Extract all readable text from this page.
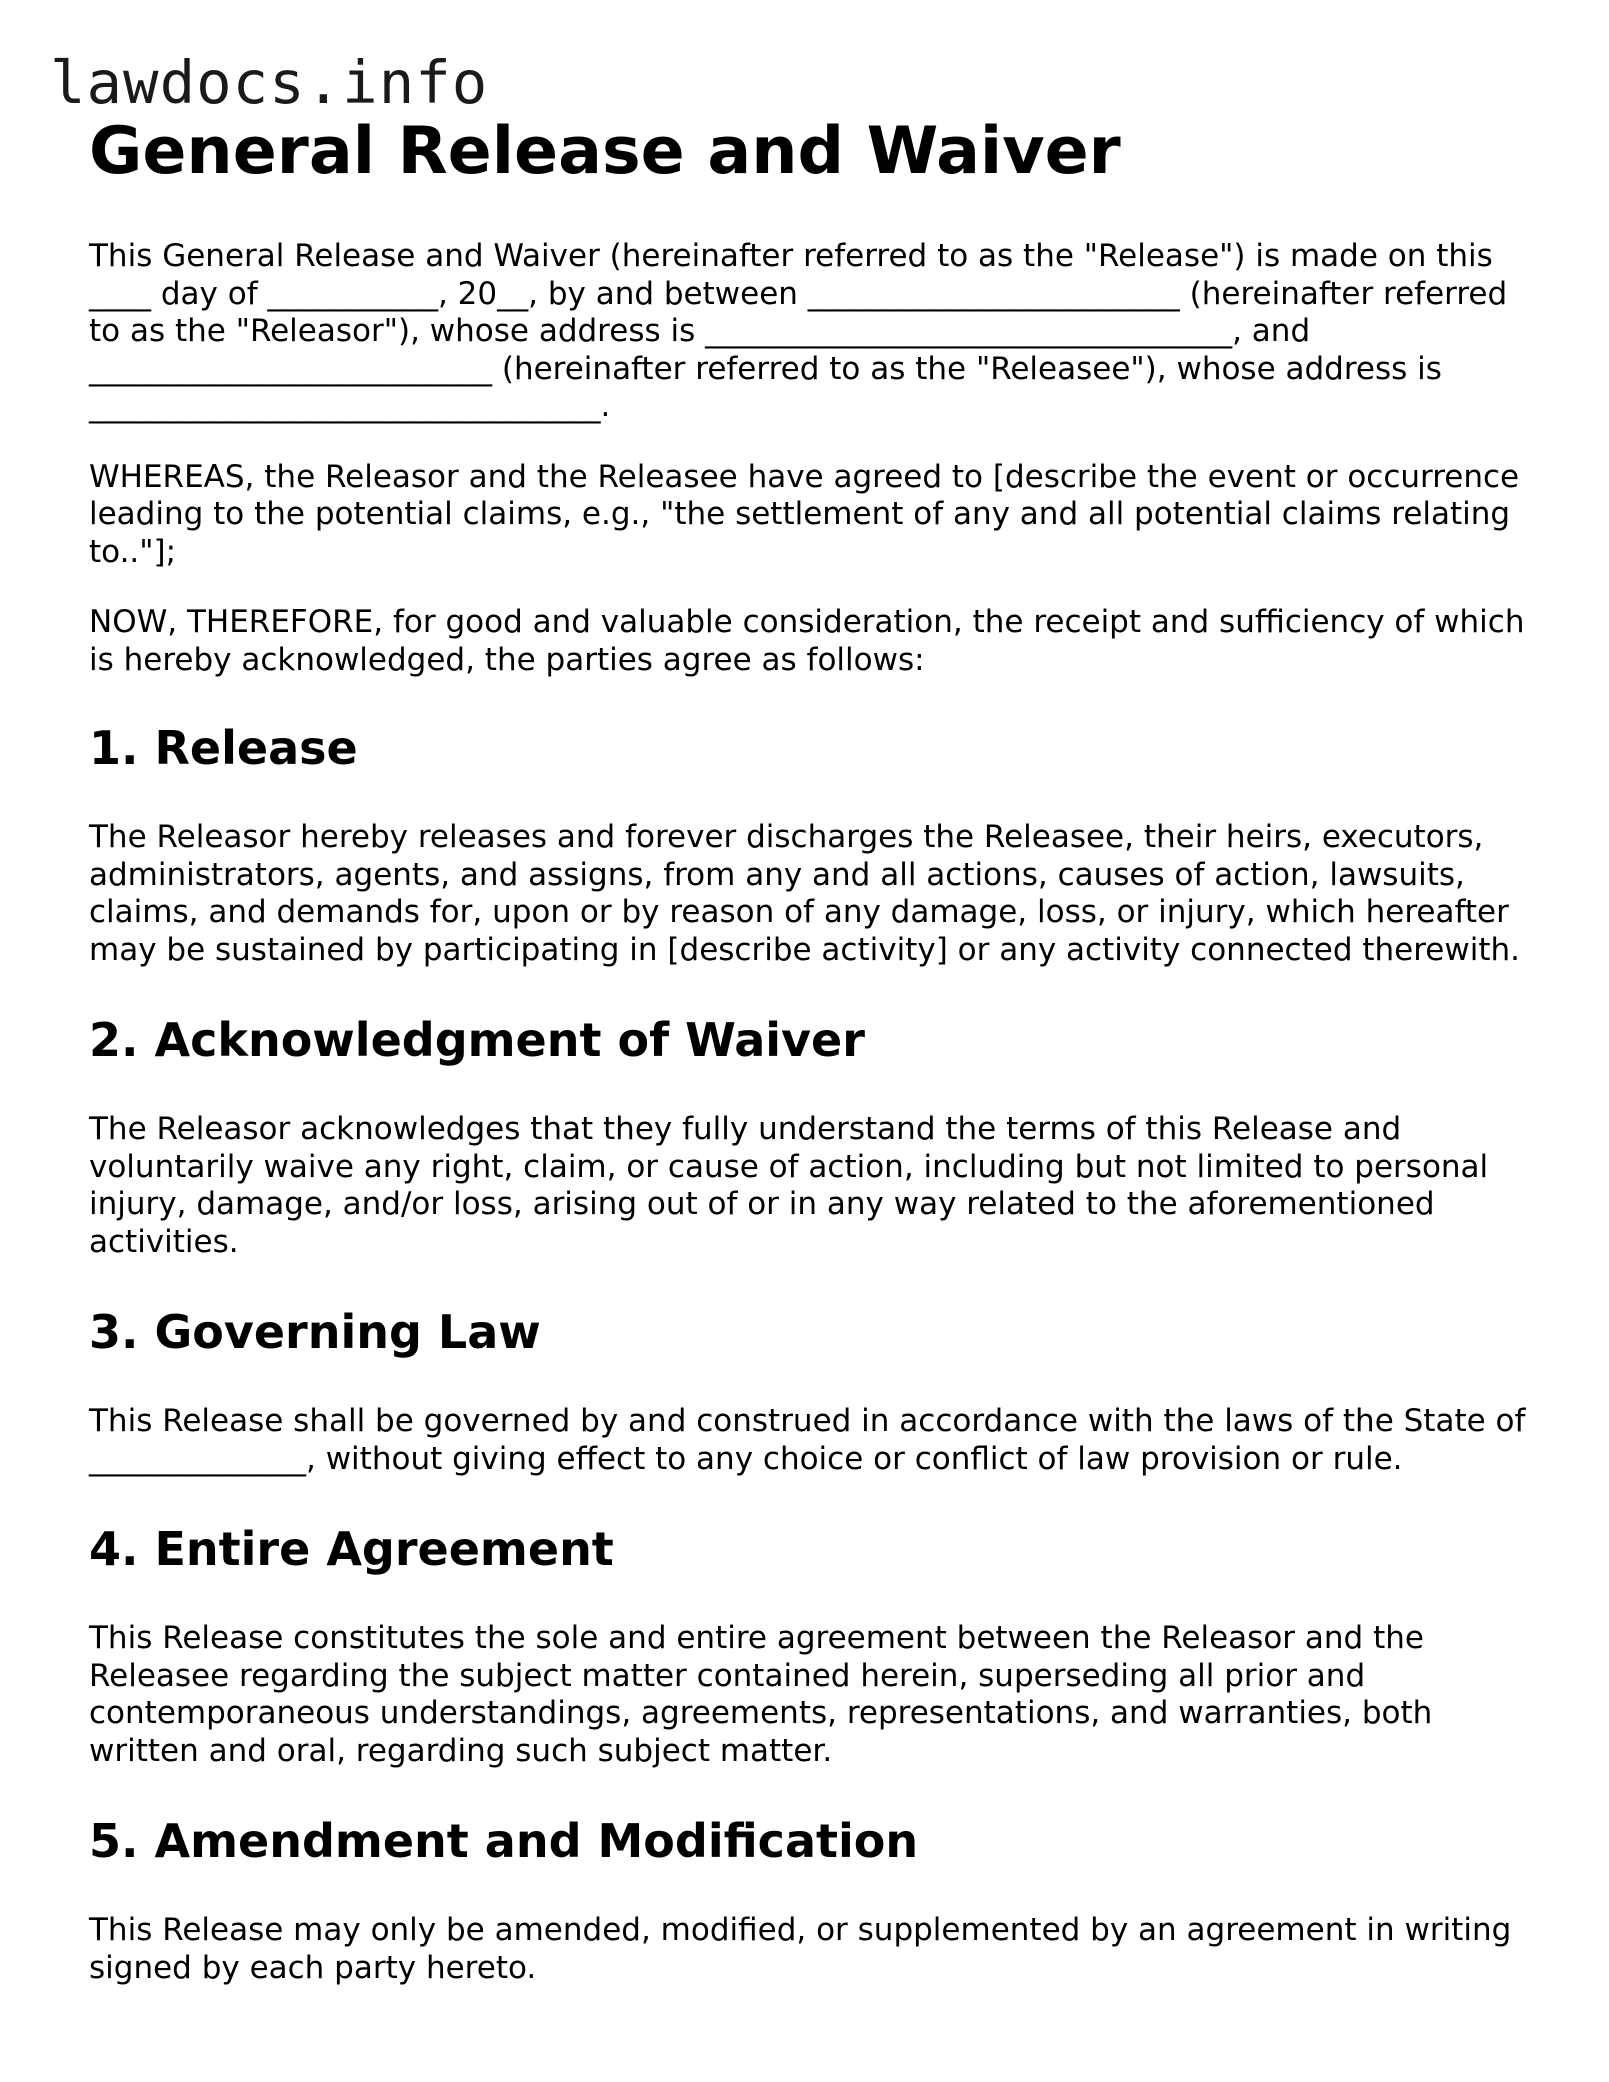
lawdocs.info
General Release and Waiver

This General Release and Waiver (hereinafter referred to as the "Release") is made on this ____ day of ___________, 20__, by and between ________________________ (hereinafter referred to as the "Releasor"), whose address is __________________________________, and __________________________ (hereinafter referred to as the "Releasee"), whose address is _________________________________.

WHEREAS, the Releasor and the Releasee have agreed to [describe the event or occurrence leading to the potential claims, e.g., "the settlement of any and all potential claims relating to.."];

NOW, THEREFORE, for good and valuable consideration, the receipt and sufficiency of which is hereby acknowledged, the parties agree as follows:

1. Release

The Releasor hereby releases and forever discharges the Releasee, their heirs, executors, administrators, agents, and assigns, from any and all actions, causes of action, lawsuits, claims, and demands for, upon or by reason of any damage, loss, or injury, which hereafter may be sustained by participating in [describe activity] or any activity connected therewith.

2. Acknowledgment of Waiver

The Releasor acknowledges that they fully understand the terms of this Release and voluntarily waive any right, claim, or cause of action, including but not limited to personal injury, damage, and/or loss, arising out of or in any way related to the aforementioned activities.

3. Governing Law

This Release shall be governed by and construed in accordance with the laws of the State of ______________, without giving effect to any choice or conflict of law provision or rule.

4. Entire Agreement

This Release constitutes the sole and entire agreement between the Releasor and the Releasee regarding the subject matter contained herein, superseding all prior and contemporaneous understandings, agreements, representations, and warranties, both written and oral, regarding such subject matter.

5. Amendment and Modification

This Release may only be amended, modified, or supplemented by an agreement in writing signed by each party hereto.
